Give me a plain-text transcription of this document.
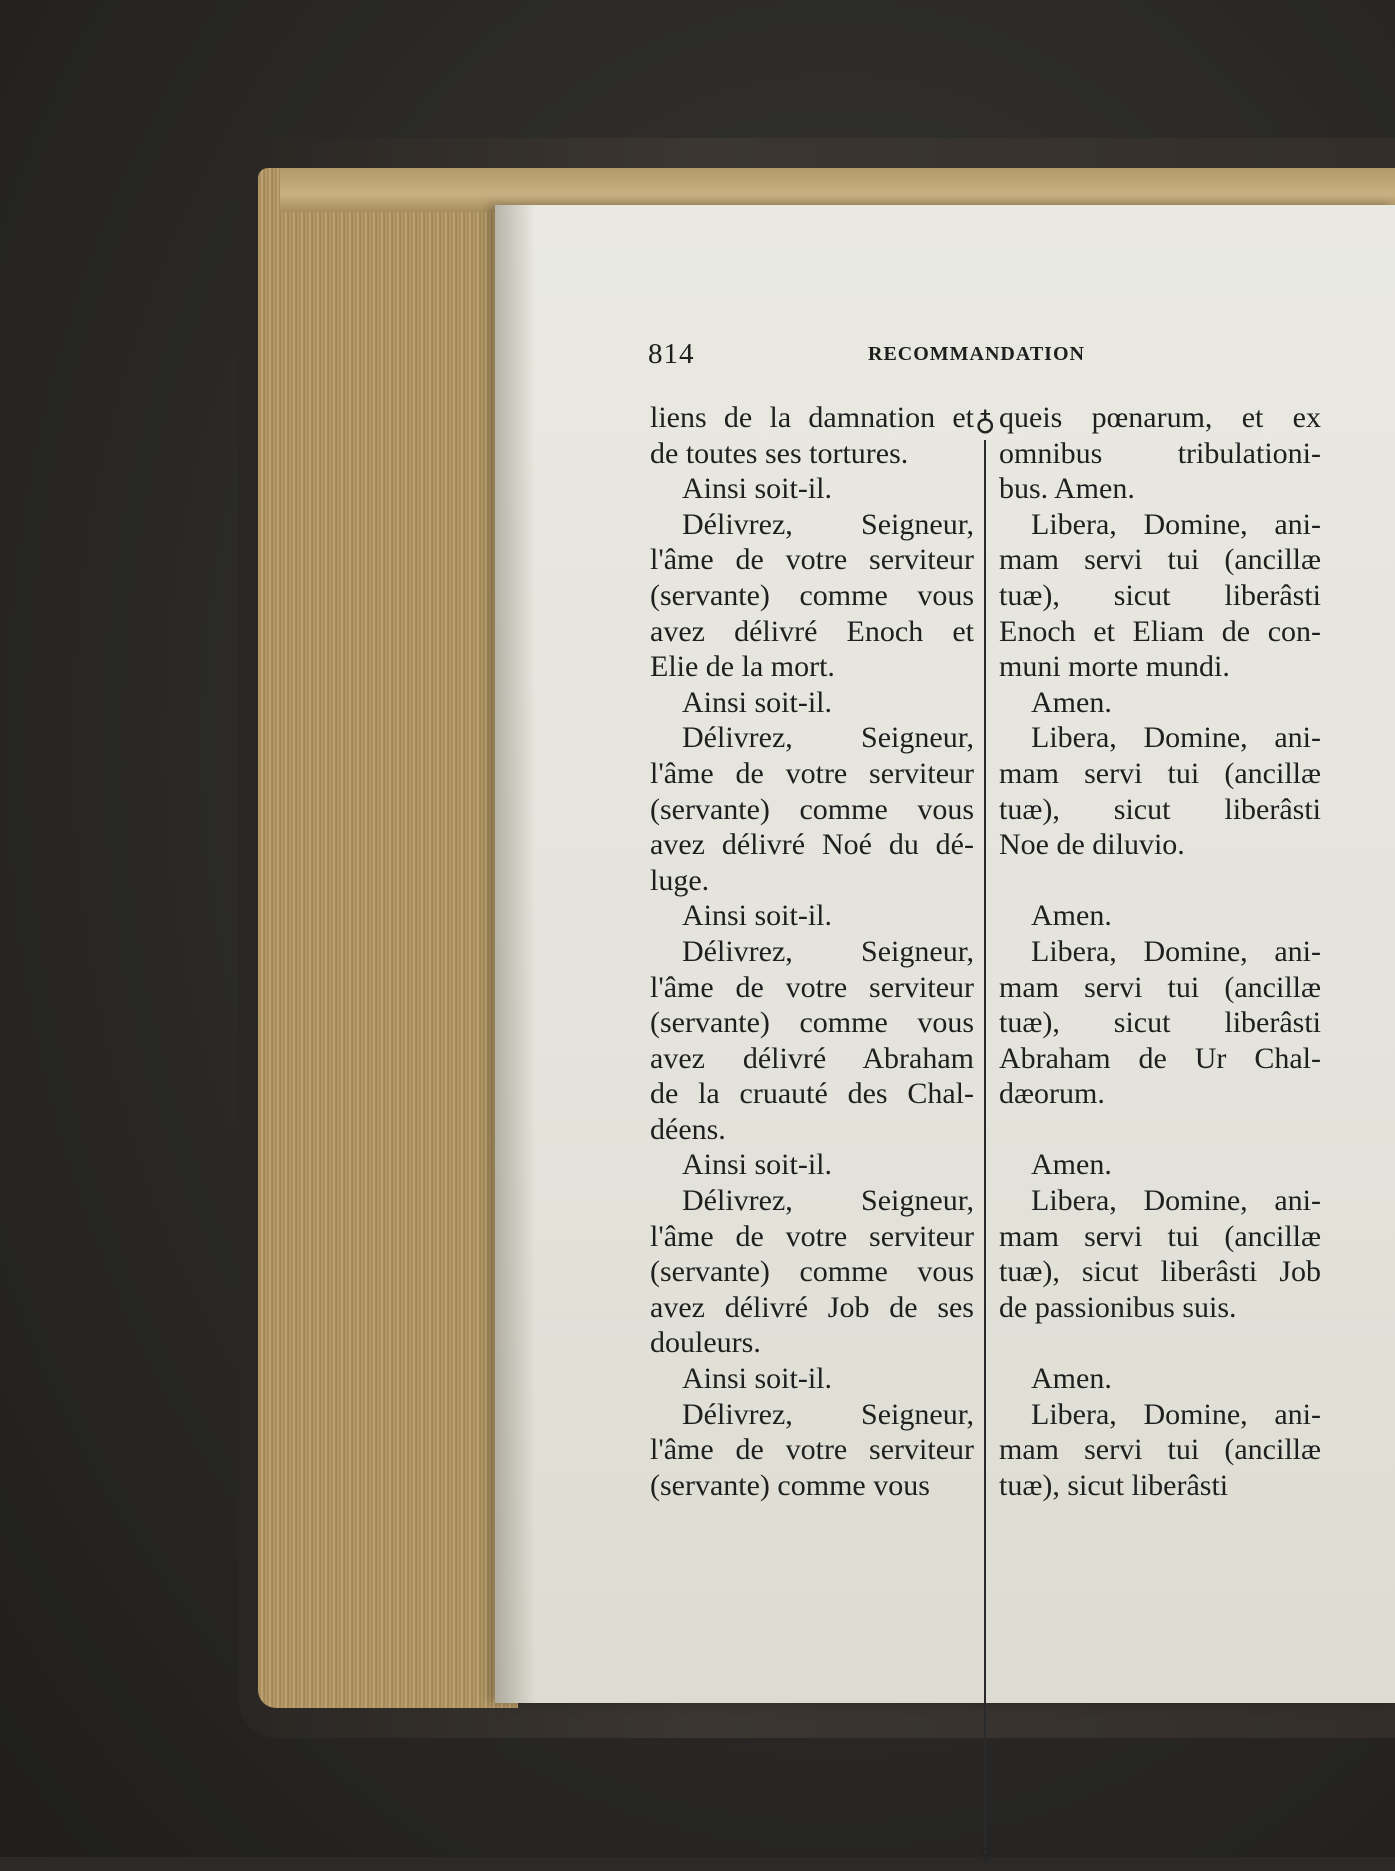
814	RECOMMANDATION
liens de la damnation et
de toutes ses tortures.
Ainsi soit-il.
Délivrez, Seigneur,
l'âme de votre serviteur
(servante) comme vous
avez délivré Enoch et
Elie de la mort.
Ainsi soit-il.
Délivrez, Seigneur,
l'âme de votre serviteur
(servante) comme vous
avez délivré Noé du dé-
luge.
Ainsi soit-il.
Délivrez, Seigneur,
l'âme de votre serviteur
(servante) comme vous
avez délivré Abraham
de la cruauté des Chal-
déens.
Ainsi soit-il.
Délivrez, Seigneur,
l'âme de votre serviteur
(servante) comme vous
avez délivré Job de ses
douleurs.
Ainsi soit-il.
Délivrez, Seigneur,
l'âme de votre serviteur
(servante) comme vous
♁
♀
queis pœnarum, et ex
omnibus tribulationi-
bus. Amen.
Libera, Domine, ani-
mam servi tui (ancillæ
tuæ), sicut liberâsti
Enoch et Eliam de con-
muni morte mundi.
Amen.
Libera, Domine, ani-
mam servi tui (ancillæ
tuæ), sicut liberâsti
Noe de diluvio.
Amen.
Libera, Domine, ani-
mam servi tui (ancillæ
tuæ), sicut liberâsti
Abraham de Ur Chal-
dæorum.
Amen.
Libera, Domine, ani-
mam servi tui (ancillæ
tuæ), sicut liberâsti Job
de passionibus suis.
Amen.
Libera, Domine, ani-
mam servi tui (ancillæ
tuæ), sicut liberâsti
